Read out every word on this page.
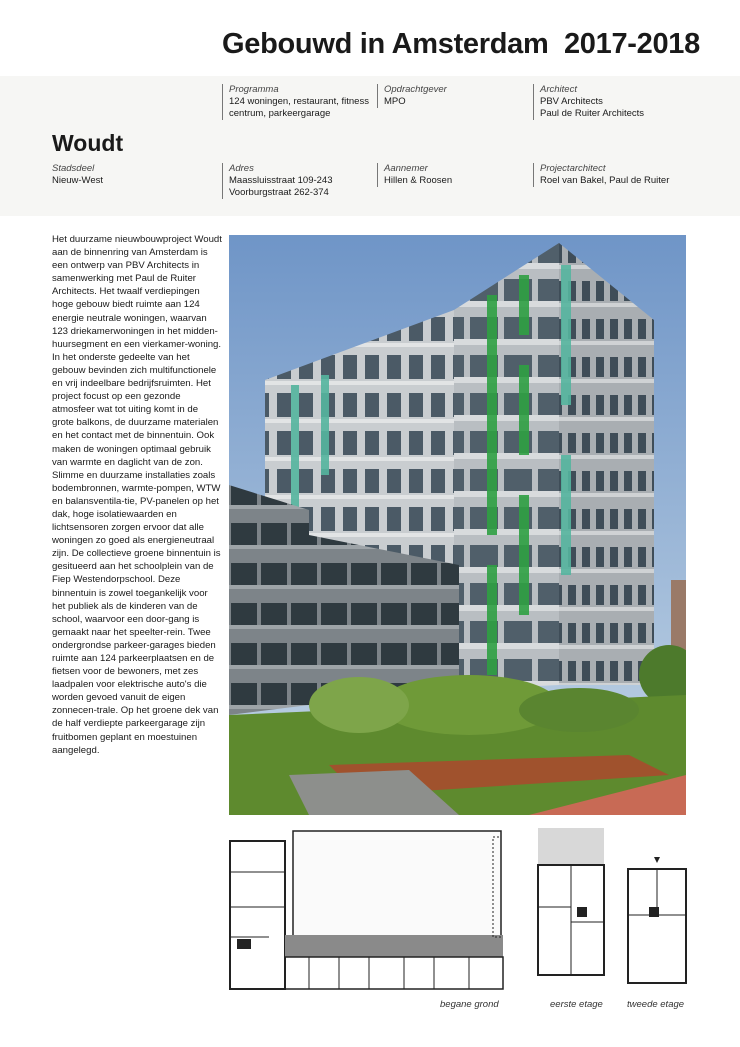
Gebouwd in Amsterdam  2017-2018
Programma
124 woningen, restaurant, fitness
centrum, parkeergarage
Opdrachtgever
MPO
Architect
PBV Architects
Paul de Ruiter Architects
Woudt
Stadsdeel
Nieuw-West
Adres
Maassluisstraat 109-243
Voorburgstraat 262-374
Aannemer
Hillen & Roosen
Projectarchitect
Roel van Bakel, Paul de Ruiter
Het duurzame nieuwbouwproject Woudt aan de binnenring van Amsterdam is een ontwerp van PBV Architects in samenwerking met Paul de Ruiter Architects. Het twaalf verdiepingen hoge gebouw biedt ruimte aan 124 energie neutrale woningen, waarvan 123 driekamerwoningen in het midden-huursegment en een vierkamer-woning. In het onderste gedeelte van het gebouw bevinden zich multifunctionele en vrij indeelbare bedrijfsruimten. Het project focust op een gezonde atmosfeer wat tot uiting komt in de grote balkons, de duurzame materialen en het contact met de binnentuin. Ook maken de woningen optimaal gebruik van warmte en daglicht van de zon. Slimme en duurzame installaties zoals bodembronnen, warmte-pompen, WTW en balansventila-tie, PV-panelen op het dak, hoge isolatiewaarden en lichtsensoren zorgen ervoor dat alle woningen zo goed als energieneutraal zijn. De collectieve groene binnentuin is gesitueerd aan het schoolplein van de Fiep Westendorpschool. Deze binnentuin is zowel toegankelijk voor het publiek als de kinderen van de school, waarvoor een door-gang is gemaakt naar het speelter-rein. Twee ondergrondse parkeer-garages bieden ruimte aan 124 parkeerplaatsen en de fietsen voor de bewoners, met zes laadpalen voor elektrische auto's die worden gevoed vanuit de eigen zonnecen-trale. Op het groene dek van de half verdiepte parkeergarage zijn fruitbomen geplant en moestuinen aangelegd.
begane grond	eerste etage	tweede etage
